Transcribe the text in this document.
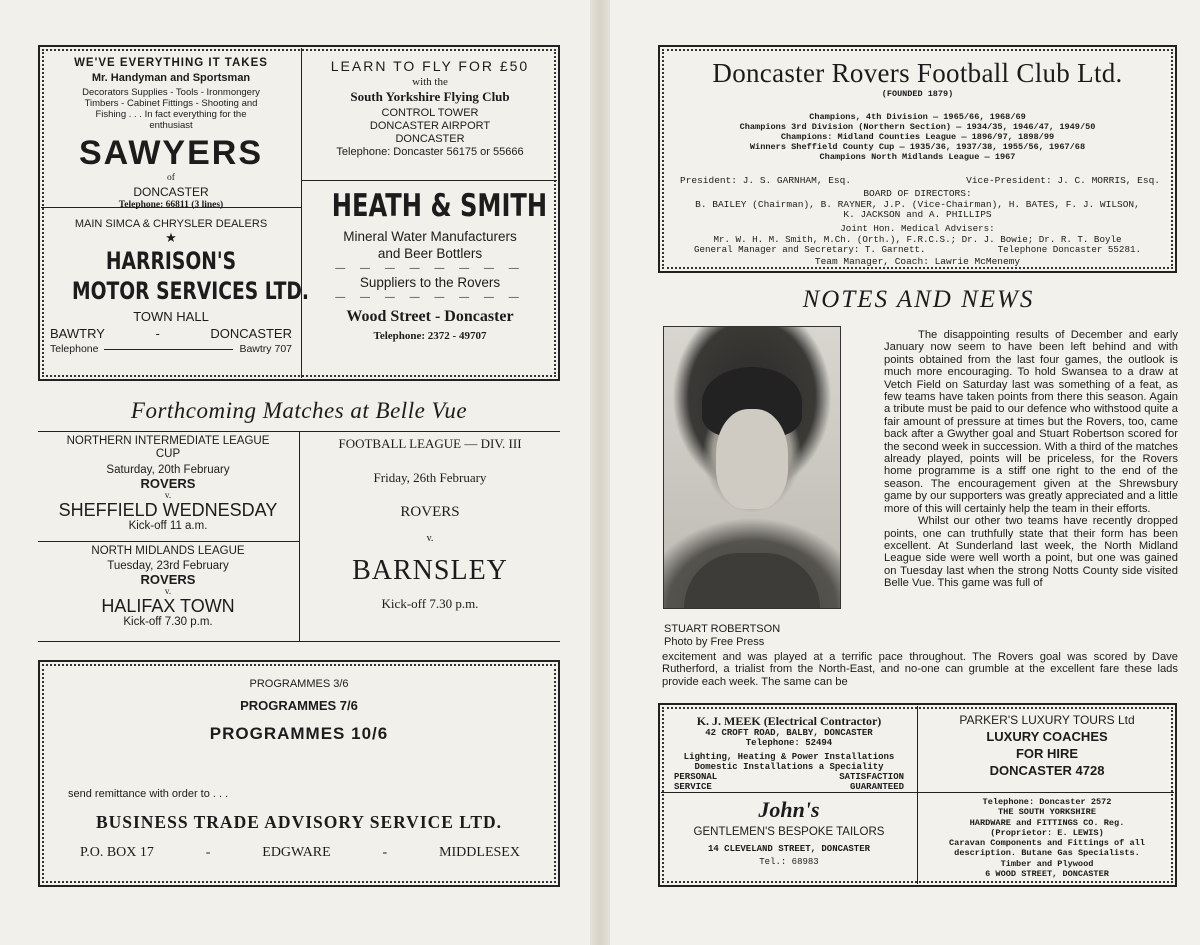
WE'VE EVERYTHING IT TAKES
Mr. Handyman and Sportsman
Decorators Supplies - Tools - Ironmongery
Timbers - Cabinet Fittings - Shooting and
Fishing . . . In fact everything for the
enthusiast
SAWYERS
of
DONCASTER
Telephone: 66811 (3 lines)
LEARN TO FLY FOR £50
with the
South Yorkshire Flying Club
CONTROL TOWER
DONCASTER AIRPORT
DONCASTER
Telephone: Doncaster 56175 or 55666
MAIN SIMCA & CHRYSLER DEALERS
★
HARRISON'S
MOTOR SERVICES LTD.
TOWN HALL
BAWTRY	-	DONCASTER
Telephone	Bawtry 707
HEATH & SMITH
Mineral Water Manufacturers
and Beer Bottlers
— — — — — — — —
Suppliers to the Rovers
— — — — — — — —
Wood Street - Doncaster
Telephone: 2372 - 49707
Forthcoming Matches at Belle Vue
NORTHERN INTERMEDIATE LEAGUE
CUP
Saturday, 20th February
ROVERS
v.
SHEFFIELD WEDNESDAY
Kick-off 11 a.m.
NORTH MIDLANDS LEAGUE
Tuesday, 23rd February
ROVERS
v.
HALIFAX TOWN
Kick-off 7.30 p.m.
FOOTBALL LEAGUE — DIV. III
Friday, 26th February
ROVERS
v.
BARNSLEY
Kick-off 7.30 p.m.
PROGRAMMES 3/6
PROGRAMMES 7/6
PROGRAMMES 10/6
send remittance with order to . . .
BUSINESS TRADE ADVISORY SERVICE LTD.
P.O. BOX 17	-	EDGWARE	-	MIDDLESEX
Doncaster Rovers Football Club Ltd.
(FOUNDED 1879)
Champions, 4th Division — 1965/66, 1968/69
Champions 3rd Division (Northern Section) — 1934/35, 1946/47, 1949/50
Champions: Midland Counties League — 1896/97, 1898/99
Winners Sheffield County Cup — 1935/36, 1937/38, 1955/56, 1967/68
Champions North Midlands League — 1967
President: J. S. GARNHAM, Esq.	Vice-President: J. C. MORRIS, Esq.
BOARD OF DIRECTORS:
B. BAILEY (Chairman), B. RAYNER, J.P. (Vice-Chairman), H. BATES, F. J. WILSON,
K. JACKSON and A. PHILLIPS
Joint Hon. Medical Advisers:
Mr. W. H. M. Smith, M.Ch. (Orth.), F.R.C.S.; Dr. J. Bowie; Dr. R. T. Boyle
General Manager and Secretary: T. Garnett.	Telephone Doncaster 55281.
Team Manager, Coach: Lawrie McMenemy
NOTES AND NEWS
STUART ROBERTSON
Photo by Free Press

The disappointing results of December and early January now seem to have been left behind and with points obtained from the last four games, the outlook is much more encouraging. To hold Swansea to a draw at Vetch Field on Saturday last was something of a feat, as few teams have taken points from there this season. Again a tribute must be paid to our defence who withstood quite a fair amount of pressure at times but the Rovers, too, came back after a Gwyther goal and Stuart Robertson scored for the second week in succession. With a third of the matches already played, points will be priceless, for the Rovers home programme is a stiff one right to the end of the season. The encouragement given at the Shrewsbury game by our supporters was greatly appreciated and a little more of this will certainly help the team in their efforts.

Whilst our other two teams have recently dropped points, one can truthfully state that their form has been excellent. At Sunderland last week, the North Midland League side were well worth a point, but one was gained on Tuesday last when the strong Notts County side visited Belle Vue. This game was full of

excitement and was played at a terrific pace throughout. The Rovers goal was scored by Dave Rutherford, a trialist from the North-East, and no-one can grumble at the excellent fare these lads provide each week. The same can be

K. J. MEEK (Electrical Contractor)
42 CROFT ROAD, BALBY, DONCASTER
Telephone: 52494
Lighting, Heating & Power Installations
Domestic Installations a Speciality
PERSONAL	SATISFACTION
SERVICE	GUARANTEED
John's
GENTLEMEN'S BESPOKE TAILORS
14 CLEVELAND STREET, DONCASTER
Tel.: 68983
PARKER'S LUXURY TOURS Ltd
LUXURY COACHES
FOR HIRE
DONCASTER 4728
Telephone: Doncaster 2572
THE SOUTH YORKSHIRE
HARDWARE and FITTINGS CO. Reg.
(Proprietor: E. LEWIS)
Caravan Components and Fittings of all
description. Butane Gas Specialists.
Timber and Plywood
6 WOOD STREET, DONCASTER
